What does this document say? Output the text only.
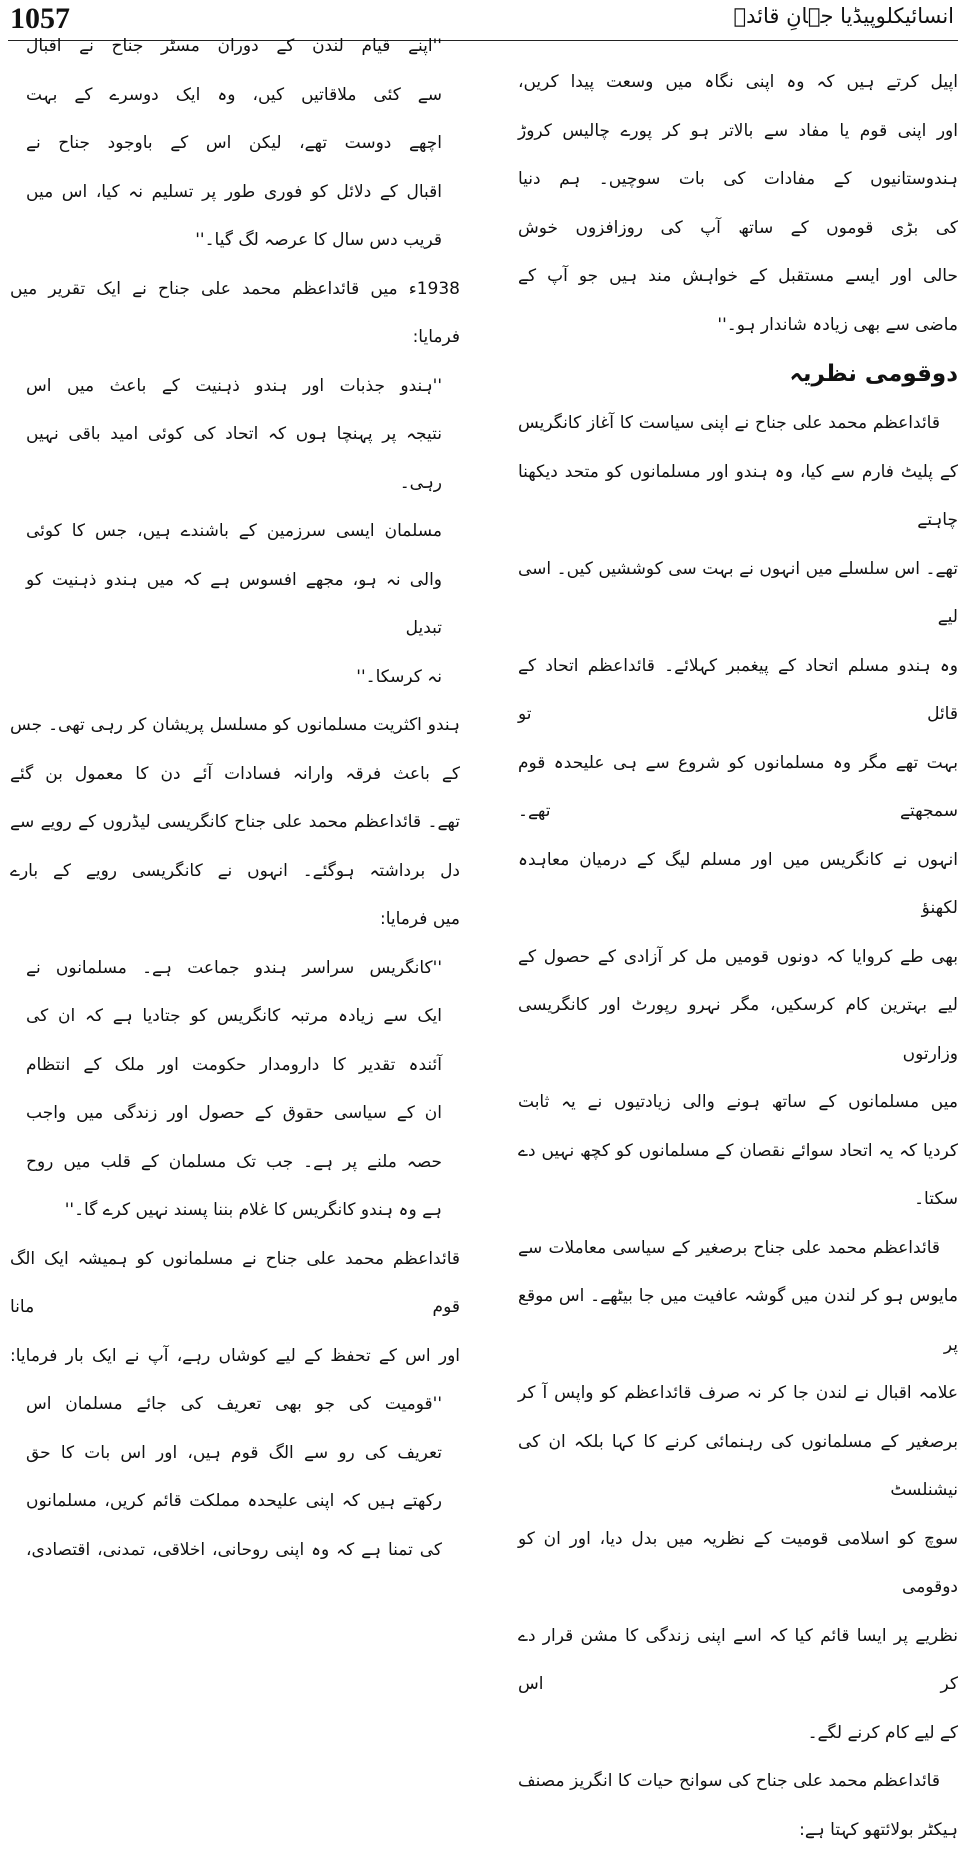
1057	انسائیکلوپیڈیا جہانِ قائدؒ
اپیل کرتے ہیں کہ وہ اپنی نگاہ میں وسعت پیدا کریں،
اور اپنی قوم یا مفاد سے بالاتر ہو کر پورے چالیس کروڑ
ہندوستانیوں کے مفادات کی بات سوچیں۔ ہم دنیا
کی بڑی قوموں کے ساتھ آپ کی روزافزوں خوش
حالی اور ایسے مستقبل کے خواہش مند ہیں جو آپ کے
ماضی سے بھی زیادہ شاندار ہو۔''
دوقومی نظریہ
قائداعظم محمد علی جناح نے اپنی سیاست کا آغاز کانگریس
کے پلیٹ فارم سے کیا، وہ ہندو اور مسلمانوں کو متحد دیکھنا چاہتے
تھے۔ اس سلسلے میں انہوں نے بہت سی کوششیں کیں۔ اسی لیے
وہ ہندو مسلم اتحاد کے پیغمبر کہلائے۔ قائداعظم اتحاد کے قائل تو
بہت تھے مگر وہ مسلمانوں کو شروع سے ہی علیحدہ قوم سمجھتے تھے۔
انہوں نے کانگریس میں اور مسلم لیگ کے درمیان معاہدہ لکھنؤ
بھی طے کروایا کہ دونوں قومیں مل کر آزادی کے حصول کے
لیے بہترین کام کرسکیں، مگر نہرو رپورٹ اور کانگریسی وزارتوں
میں مسلمانوں کے ساتھ ہونے والی زیادتیوں نے یہ ثابت
کردیا کہ یہ اتحاد سوائے نقصان کے مسلمانوں کو کچھ نہیں دے
سکتا۔
قائداعظم محمد علی جناح برصغیر کے سیاسی معاملات سے
مایوس ہو کر لندن میں گوشہ عافیت میں جا بیٹھے۔ اس موقع پر
علامہ اقبال نے لندن جا کر نہ صرف قائداعظم کو واپس آ کر
برصغیر کے مسلمانوں کی رہنمائی کرنے کا کہا بلکہ ان کی نیشنلسٹ
سوچ کو اسلامی قومیت کے نظریہ میں بدل دیا، اور ان کو دوقومی
نظریے پر ایسا قائم کیا کہ اسے اپنی زندگی کا مشن قرار دے کر اس
کے لیے کام کرنے لگے۔
قائداعظم محمد علی جناح کی سوانح حیات کا انگریز مصنف
ہیکٹر بولائتھو کہتا ہے:
''اپنے قیام لندن کے دوران مسٹر جناح نے اقبال
سے کئی ملاقاتیں کیں، وہ ایک دوسرے کے بہت
اچھے دوست تھے، لیکن اس کے باوجود جناح نے
اقبال کے دلائل کو فوری طور پر تسلیم نہ کیا، اس میں
قریب دس سال کا عرصہ لگ گیا۔''
1938ء میں قائداعظم محمد علی جناح نے ایک تقریر میں فرمایا:
''ہندو جذبات اور ہندو ذہنیت کے باعث میں اس
نتیجہ پر پہنچا ہوں کہ اتحاد کی کوئی امید باقی نہیں رہی۔
مسلمان ایسی سرزمین کے باشندے ہیں، جس کا کوئی
والی نہ ہو، مجھے افسوس ہے کہ میں ہندو ذہنیت کو تبدیل
نہ کرسکا۔''
ہندو اکثریت مسلمانوں کو مسلسل پریشان کر رہی تھی۔ جس
کے باعث فرقہ وارانہ فسادات آئے دن کا معمول بن گئے
تھے۔ قائداعظم محمد علی جناح کانگریسی لیڈروں کے رویے سے
دل برداشتہ ہوگئے۔ انہوں نے کانگریسی رویے کے بارے
میں فرمایا:
''کانگریس سراسر ہندو جماعت ہے۔ مسلمانوں نے
ایک سے زیادہ مرتبہ کانگریس کو جتادیا ہے کہ ان کی
آئندہ تقدیر کا دارومدار حکومت اور ملک کے انتظام
ان کے سیاسی حقوق کے حصول اور زندگی میں واجب
حصہ ملنے پر ہے۔ جب تک مسلمان کے قلب میں روح
ہے وہ ہندو کانگریس کا غلام بننا پسند نہیں کرے گا۔''
قائداعظم محمد علی جناح نے مسلمانوں کو ہمیشہ ایک الگ قوم مانا
اور اس کے تحفظ کے لیے کوشاں رہے، آپ نے ایک بار فرمایا:
''قومیت کی جو بھی تعریف کی جائے مسلمان اس
تعریف کی رو سے الگ قوم ہیں، اور اس بات کا حق
رکھتے ہیں کہ اپنی علیحدہ مملکت قائم کریں، مسلمانوں
کی تمنا ہے کہ وہ اپنی روحانی، اخلاقی، تمدنی، اقتصادی،
